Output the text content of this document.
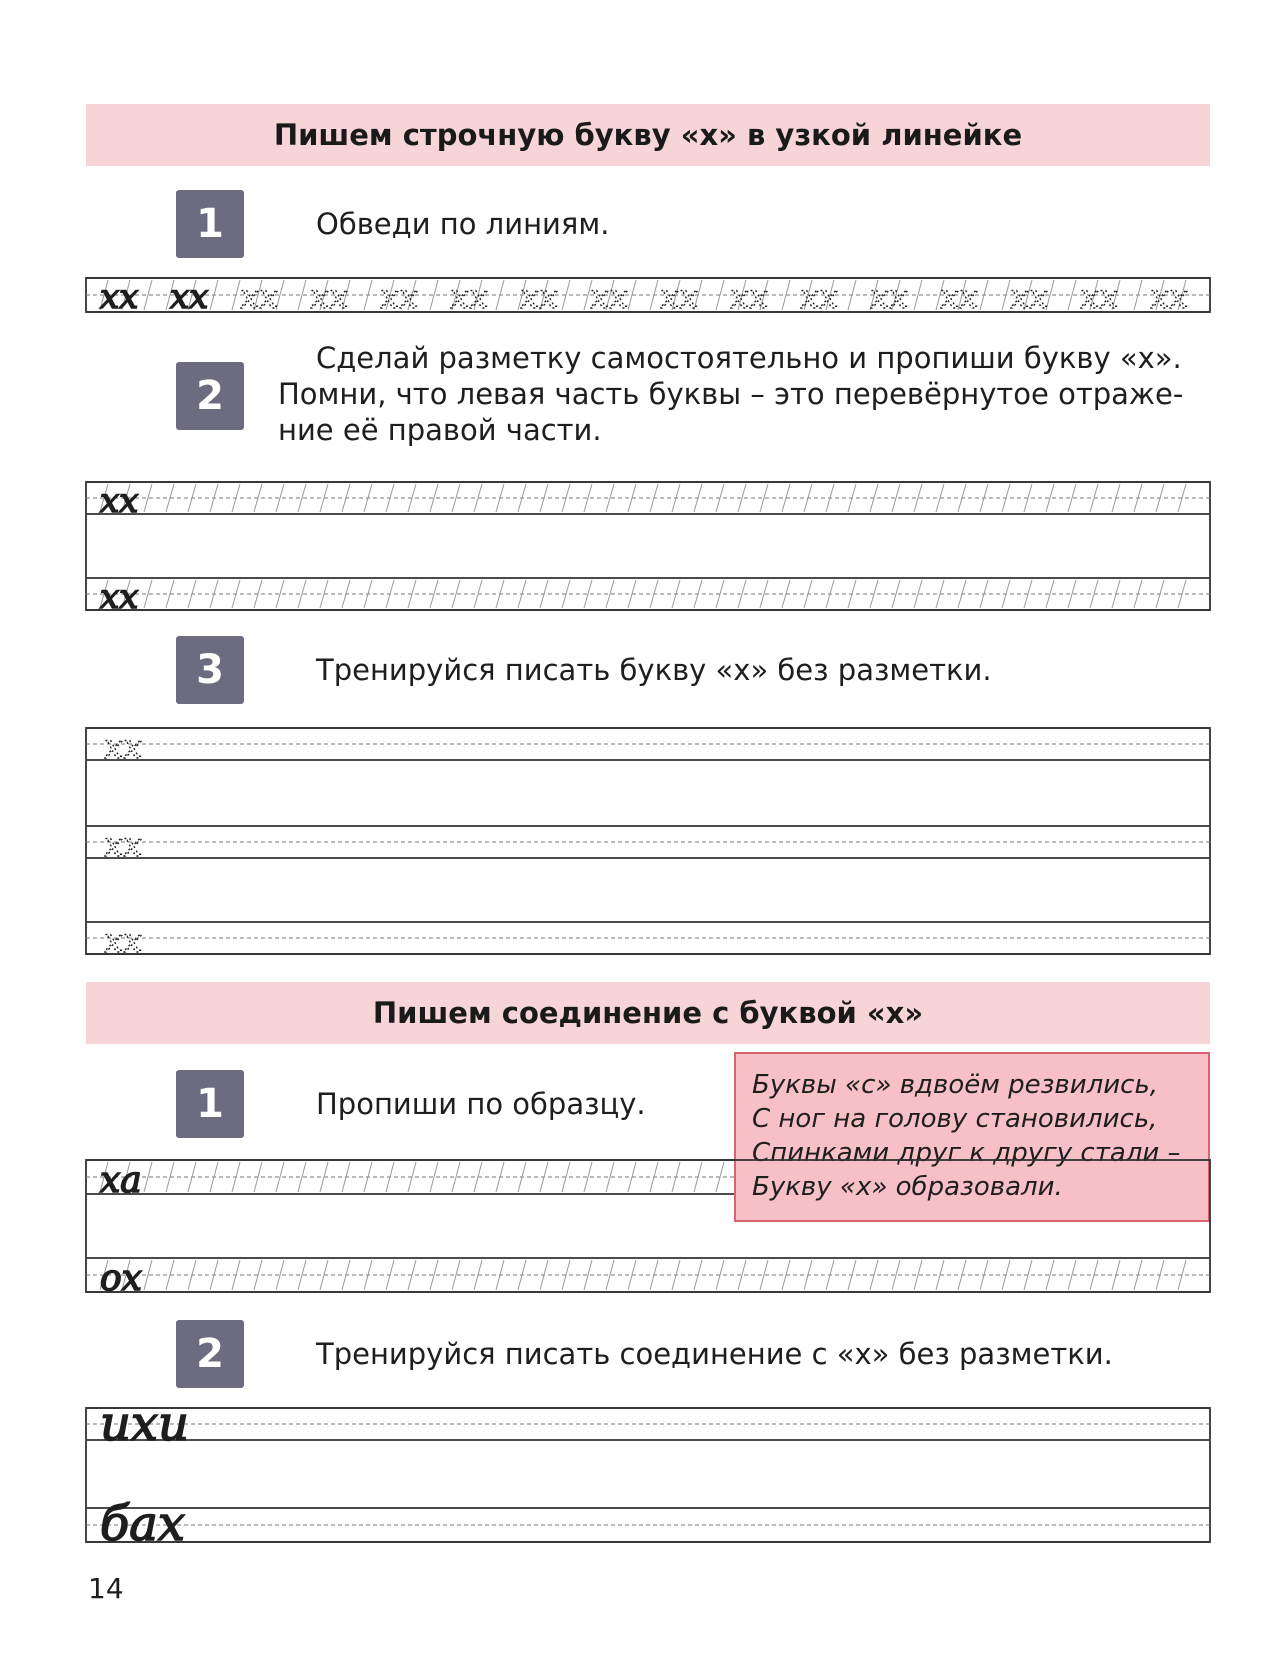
Пишем строчную букву «х» в узкой линейке
1	Обведи по линиям.
2
Сделай разметку самостоятельно и пропиши букву «х».
Помни, что левая часть буквы – это перевёрнутое отраже-
ние её правой части.
3	Тренируйся писать букву «х» без разметки.
Пишем соединение с буквой «х»
1	Пропиши по образцу.
2	Тренируйся писать соединение с «х» без разметки.
Буквы «с» вдвоём резвились,
С ног на голову становились,
Спинками друг к другу стали –
Букву «х» образовали.
14
хх хх хх хх хх хх хх хх хх хх хх хх хх хх хх хх
хх
хх
хх
хх
хх
ха
ох
ихи
бах
